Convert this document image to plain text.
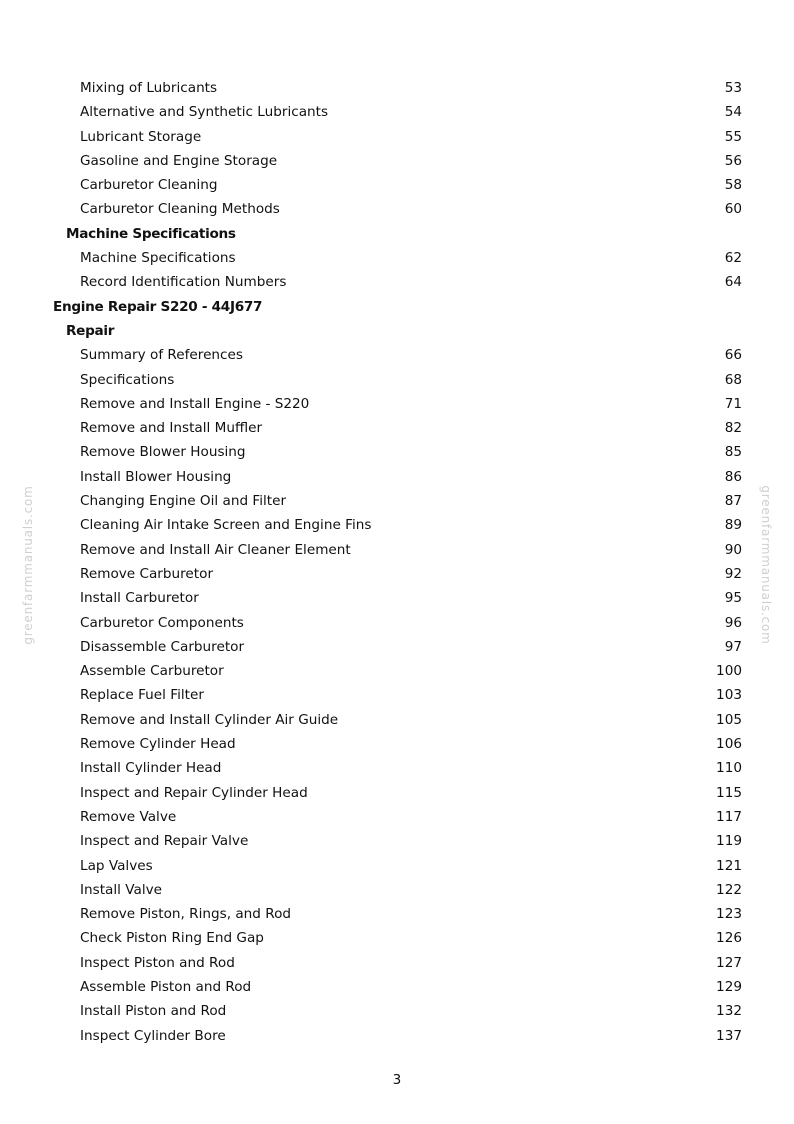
greenfarmmanuals.com	greenfarmmanuals.com
Mixing of Lubricants	53
Alternative and Synthetic Lubricants	54
Lubricant Storage	55
Gasoline and Engine Storage	56
Carburetor Cleaning	58
Carburetor Cleaning Methods	60
Machine Specifications
Machine Specifications	62
Record Identification Numbers	64
Engine Repair S220 - 44J677
Repair
Summary of References	66
Specifications	68
Remove and Install Engine - S220	71
Remove and Install Muffler	82
Remove Blower Housing	85
Install Blower Housing	86
Changing Engine Oil and Filter	87
Cleaning Air Intake Screen and Engine Fins	89
Remove and Install Air Cleaner Element	90
Remove Carburetor	92
Install Carburetor	95
Carburetor Components	96
Disassemble Carburetor	97
Assemble Carburetor	100
Replace Fuel Filter	103
Remove and Install Cylinder Air Guide	105
Remove Cylinder Head	106
Install Cylinder Head	110
Inspect and Repair Cylinder Head	115
Remove Valve	117
Inspect and Repair Valve	119
Lap Valves	121
Install Valve	122
Remove Piston, Rings, and Rod	123
Check Piston Ring End Gap	126
Inspect Piston and Rod	127
Assemble Piston and Rod	129
Install Piston and Rod	132
Inspect Cylinder Bore	137
3
